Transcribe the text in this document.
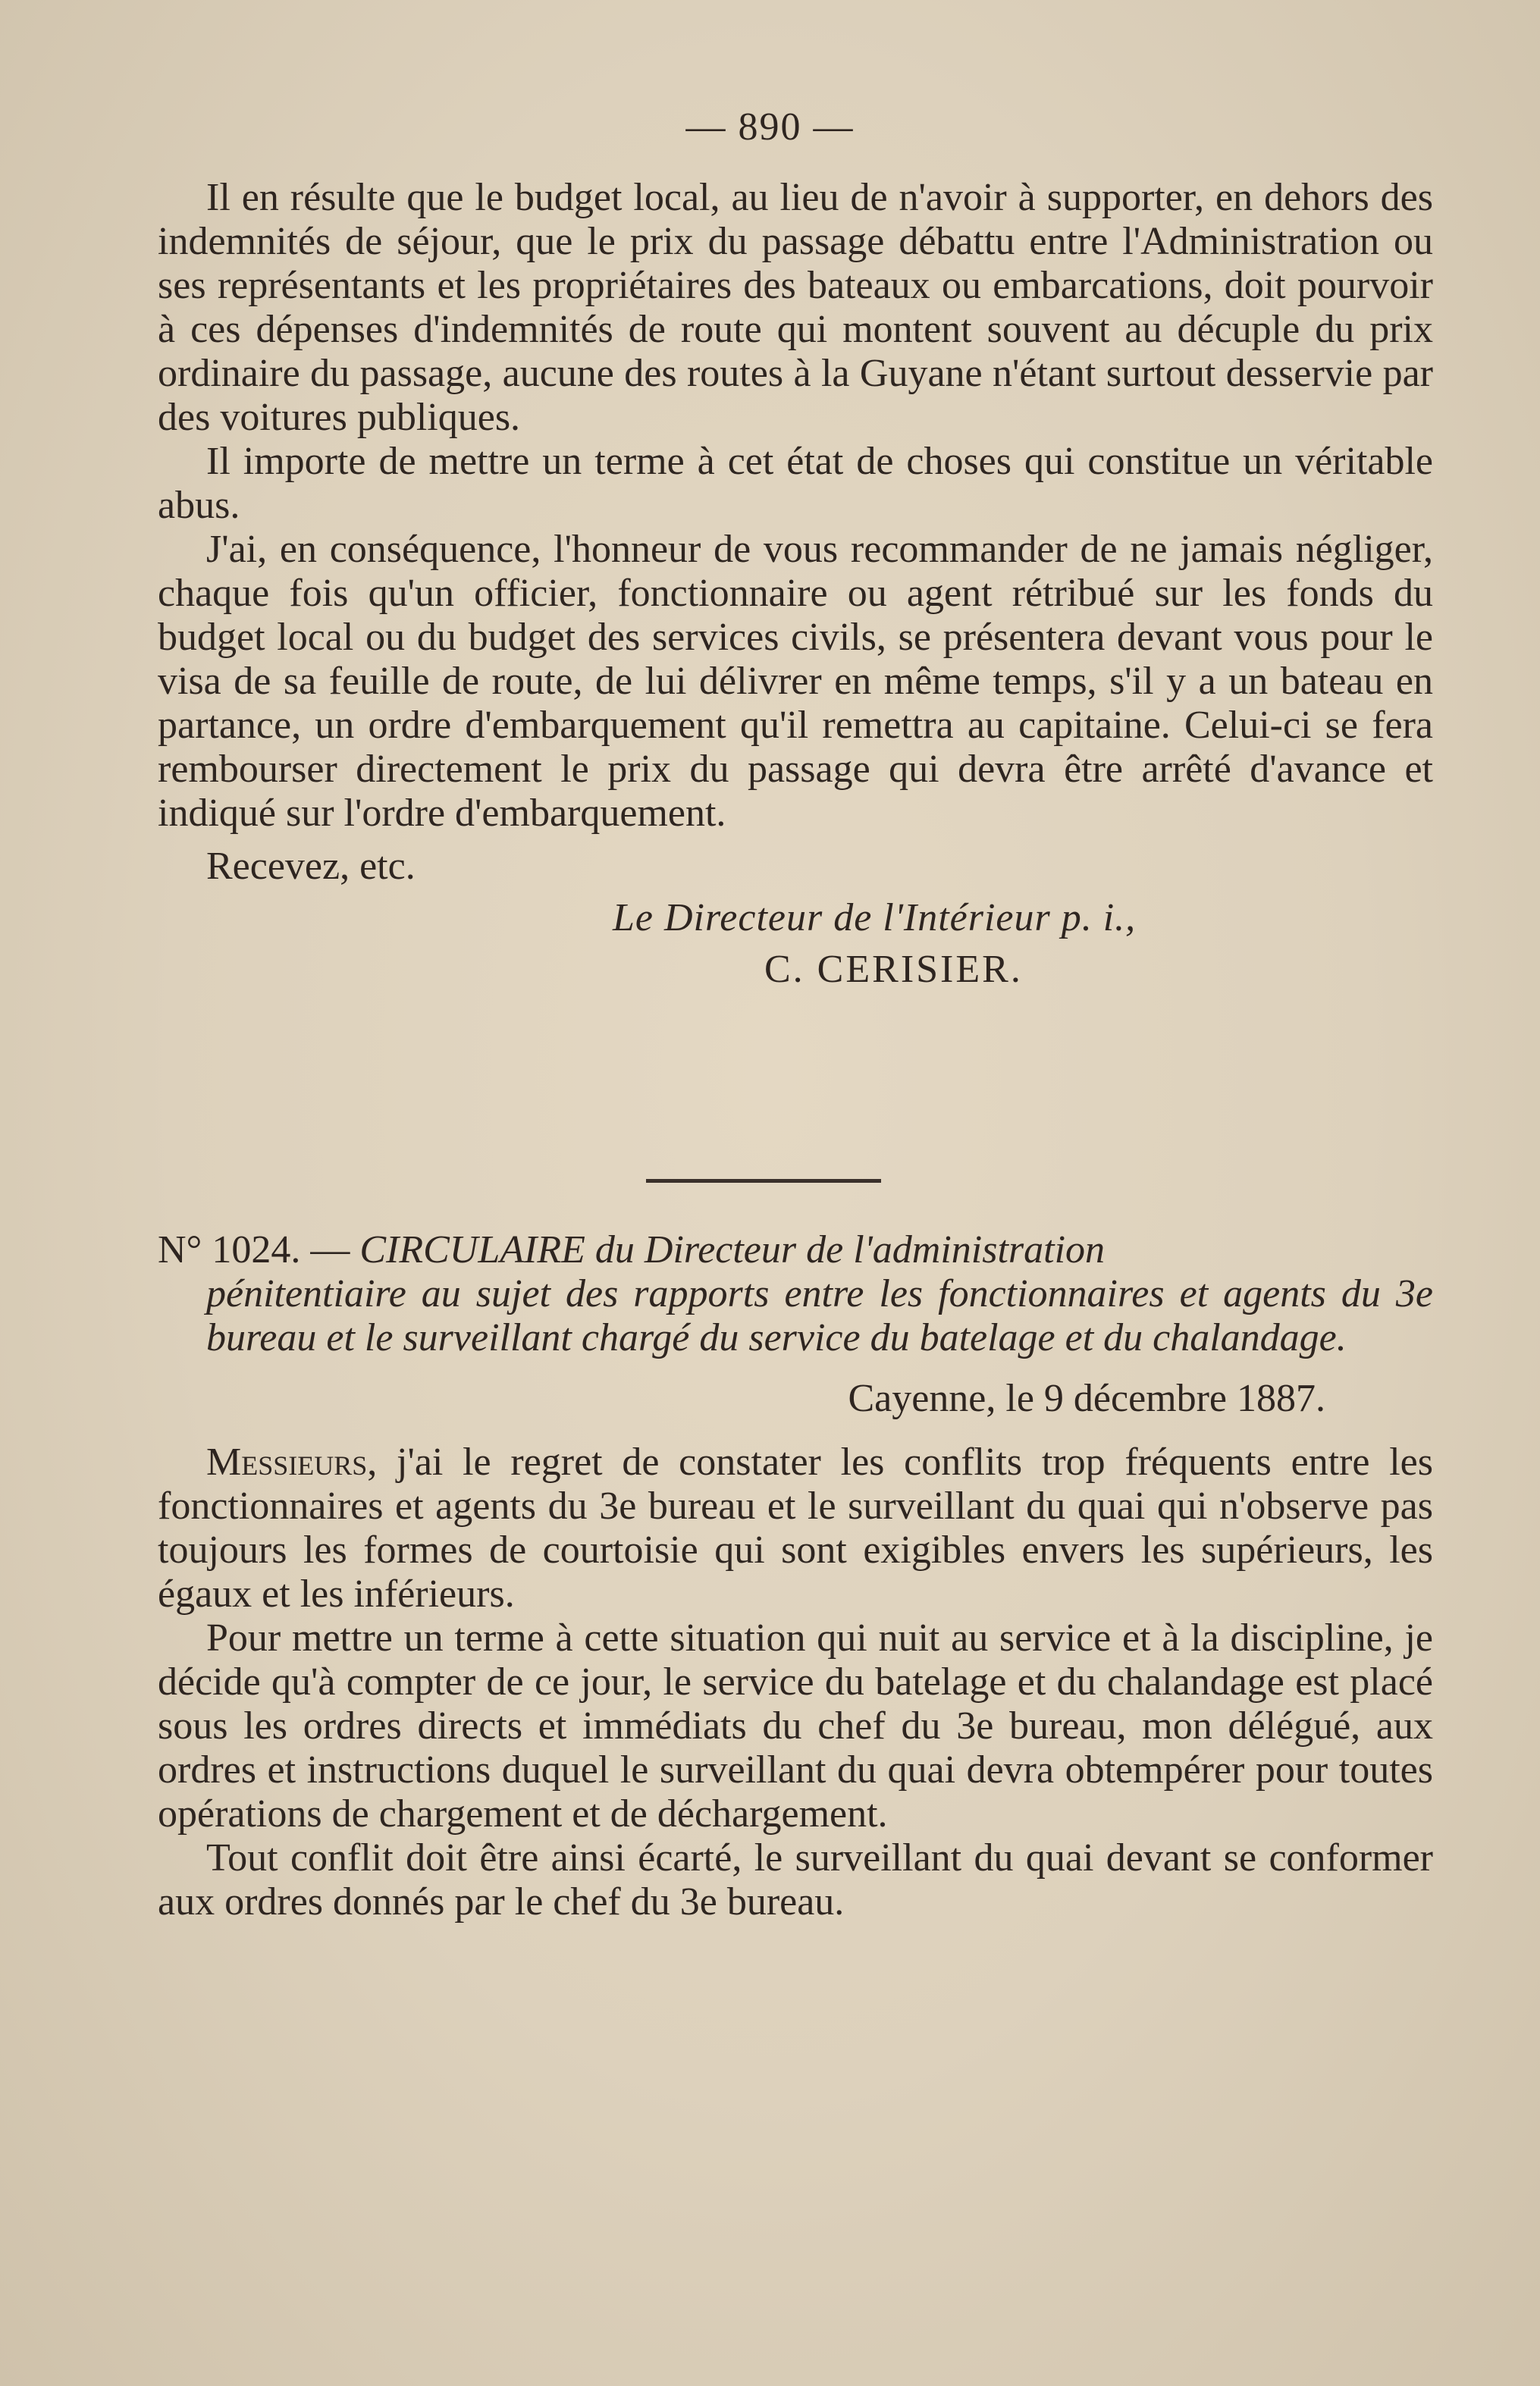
— 890 —

Il en résulte que le budget local, au lieu de n'avoir à supporter, en dehors des indemnités de séjour, que le prix du passage débattu entre l'Administration ou ses représentants et les propriétaires des bateaux ou embarcations, doit pourvoir à ces dépenses d'indemnités de route qui montent souvent au décuple du prix ordinaire du passage, aucune des routes à la Guyane n'étant surtout desservie par des voitures publiques.

Il importe de mettre un terme à cet état de choses qui constitue un véritable abus.

J'ai, en conséquence, l'honneur de vous recommander de ne jamais négliger, chaque fois qu'un officier, fonctionnaire ou agent rétribué sur les fonds du budget local ou du budget des services civils, se présentera devant vous pour le visa de sa feuille de route, de lui délivrer en même temps, s'il y a un bateau en partance, un ordre d'embarquement qu'il remettra au capitaine. Celui-ci se fera rembourser directement le prix du passage qui devra être arrêté d'avance et indiqué sur l'ordre d'embarquement.

Recevez, etc.

Le Directeur de l'Intérieur p. i.,

C. CERISIER.

N° 1024. — CIRCULAIRE du Directeur de l'administration
pénitentiaire au sujet des rapports entre les fonctionnaires et agents du 3e bureau et le surveillant chargé du service du batelage et du chalandage.

Cayenne, le 9 décembre 1887.

Messieurs, j'ai le regret de constater les conflits trop fréquents entre les fonctionnaires et agents du 3e bureau et le surveillant du quai qui n'observe pas toujours les formes de courtoisie qui sont exigibles envers les supérieurs, les égaux et les inférieurs.

Pour mettre un terme à cette situation qui nuit au service et à la discipline, je décide qu'à compter de ce jour, le service du batelage et du chalandage est placé sous les ordres directs et immédiats du chef du 3e bureau, mon délégué, aux ordres et instructions duquel le surveillant du quai devra obtempérer pour toutes opérations de chargement et de déchargement.

Tout conflit doit être ainsi écarté, le surveillant du quai devant se conformer aux ordres donnés par le chef du 3e bureau.
